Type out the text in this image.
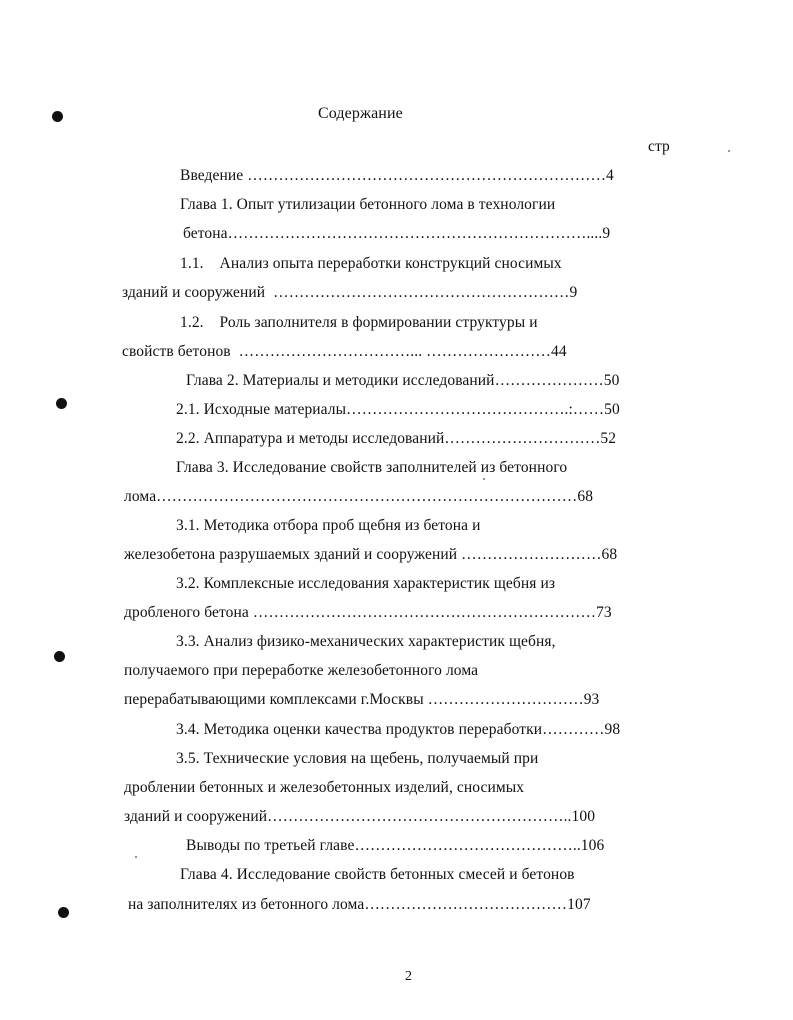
Содержание
стр
Введение ……………………………………………………………4
Глава 1. Опыт утилизации бетонного лома в технологии
бетона……………………………………………………………....9
1.1.    Анализ опыта переработки конструкций сносимых
зданий и сооружений  …………………………………………………9
1.2.    Роль заполнителя в формировании структуры и
свойств бетонов  ……………………………... ……………………44
Глава 2. Материалы и методики исследований…………………50
2.1. Исходные материалы…………………………………….:……50
2.2. Аппаратура и методы исследований…………………………52
Глава 3. Исследование свойств заполнителей из бетонного
лома………………………………………………………………………68
3.1. Методика отбора проб щебня из бетона и
железобетона разрушаемых зданий и сооружений ………………………68
3.2. Комплексные исследования характеристик щебня из
дробленого бетона …………………………………………………………73
3.3. Анализ физико-механических характеристик щебня,
получаемого при переработке железобетонного лома
перерабатывающими комплексами г.Москвы …………………………93
3.4. Методика оценки качества продуктов переработки…………98
3.5. Технические условия на щебень, получаемый при
дроблении бетонных и железобетонных изделий, сносимых
зданий и сооружений…………………………………………………..100
Выводы по третьей главе……………………………………..106
Глава 4. Исследование свойств бетонных смесей и бетонов
на заполнителях из бетонного лома…………………………………107
2
